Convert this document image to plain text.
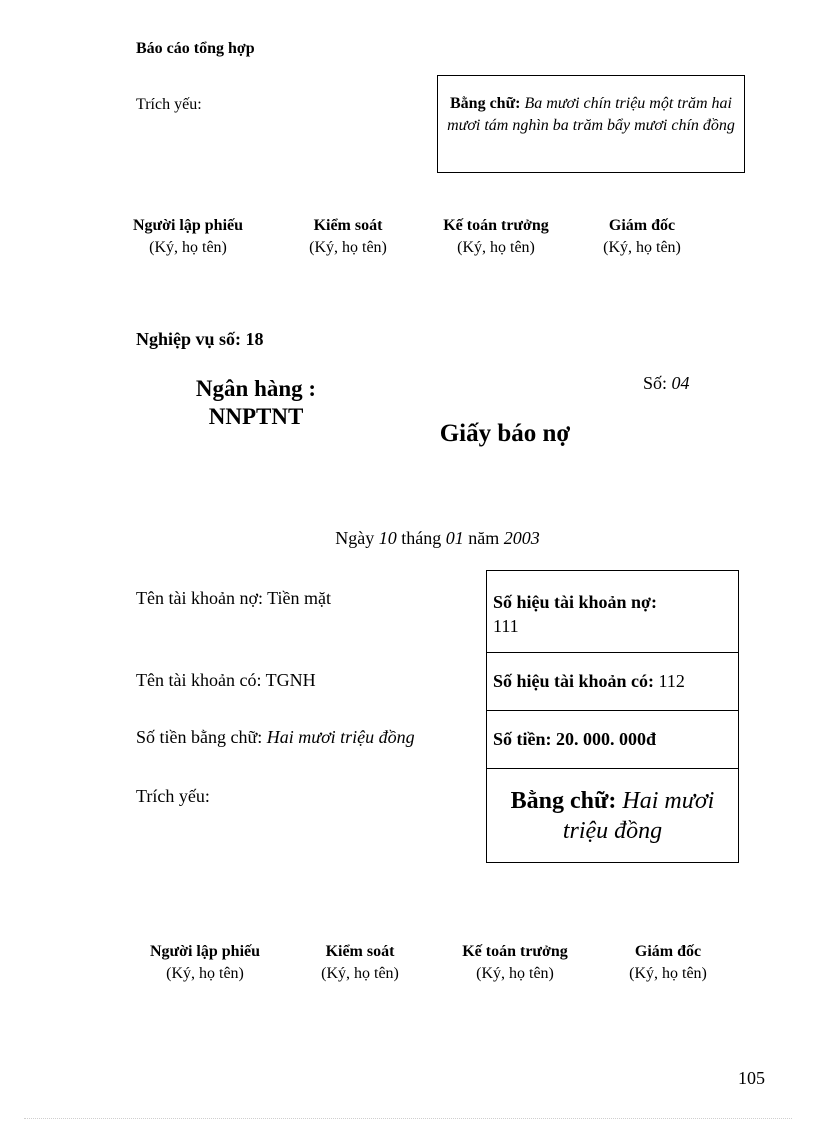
Báo cáo tổng hợp
Trích yếu:	Bằng chữ: Ba mươi chín triệu một trăm hai mươi tám nghìn ba trăm bẩy mươi chín đồng
Người lập phiếu
(Ký, họ tên)
Kiểm soát
(Ký, họ tên)
Kế toán trưởng
(Ký, họ tên)
Giám đốc
(Ký, họ tên)
Nghiệp vụ số: 18
Ngân hàng :
NNPTNT
Số: 04
Giấy báo nợ
Ngày 10 tháng 01 năm 2003
Tên tài khoản nợ: Tiền mặt
Tên tài khoản có: TGNH
Số tiền bằng chữ: Hai mươi triệu đồng
Trích yếu:
Số hiệu tài khoản nợ:
111
Số hiệu tài khoản có: 112
Số tiền: 20. 000. 000đ
Bằng chữ: Hai mươi triệu đồng
Người lập phiếu
(Ký, họ tên)
Kiểm soát
(Ký, họ tên)
Kế toán trưởng
(Ký, họ tên)
Giám đốc
(Ký, họ tên)
105
